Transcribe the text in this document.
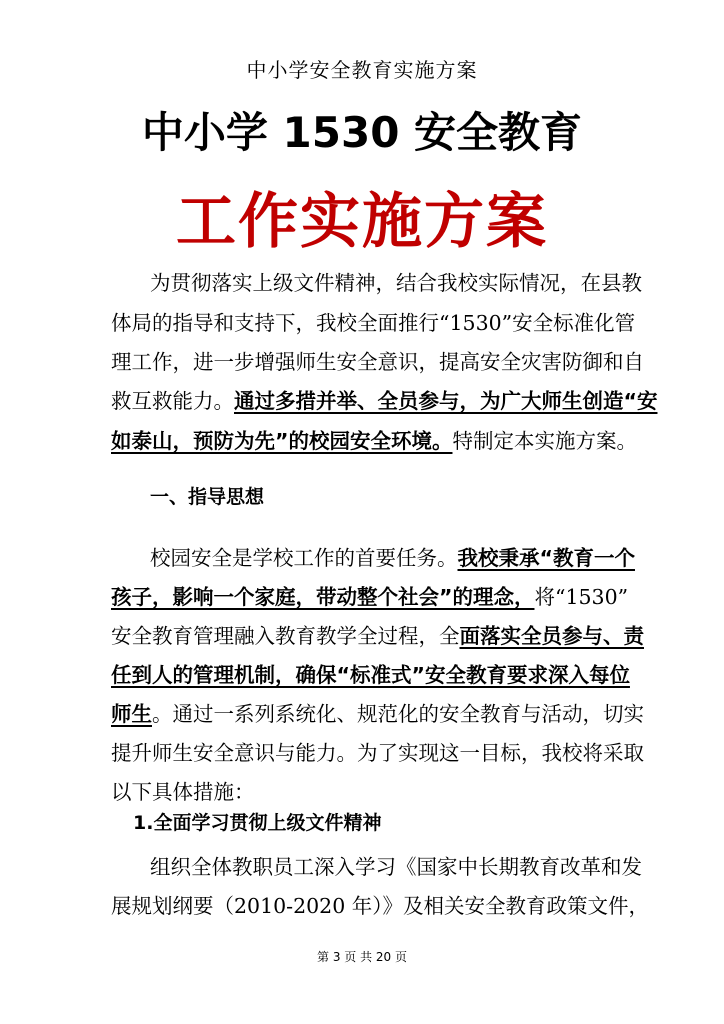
中小学安全教育实施方案
中小学 1530 安全教育
工作实施方案
为贯彻落实上级文件精神，结合我校实际情况，在县教
体局的指导和支持下，我校全面推行“1530”安全标准化管
理工作，进一步增强师生安全意识，提高安全灾害防御和自
救互救能力。通过多措并举、全员参与，为广大师生创造“安
如泰山，预防为先”的校园安全环境。特制定本实施方案。
一、指导思想
校园安全是学校工作的首要任务。我校秉承“教育一个
孩子，影响一个家庭，带动整个社会”的理念，将“1530”
安全教育管理融入教育教学全过程，全面落实全员参与、责
任到人的管理机制，确保“标准式”安全教育要求深入每位
师生。通过一系列系统化、规范化的安全教育与活动，切实
提升师生安全意识与能力。为了实现这一目标，我校将采取
以下具体措施：
1.全面学习贯彻上级文件精神
组织全体教职员工深入学习《国家中长期教育改革和发
展规划纲要（2010-2020 年）》及相关安全教育政策文件，
第 3 页 共 20 页
